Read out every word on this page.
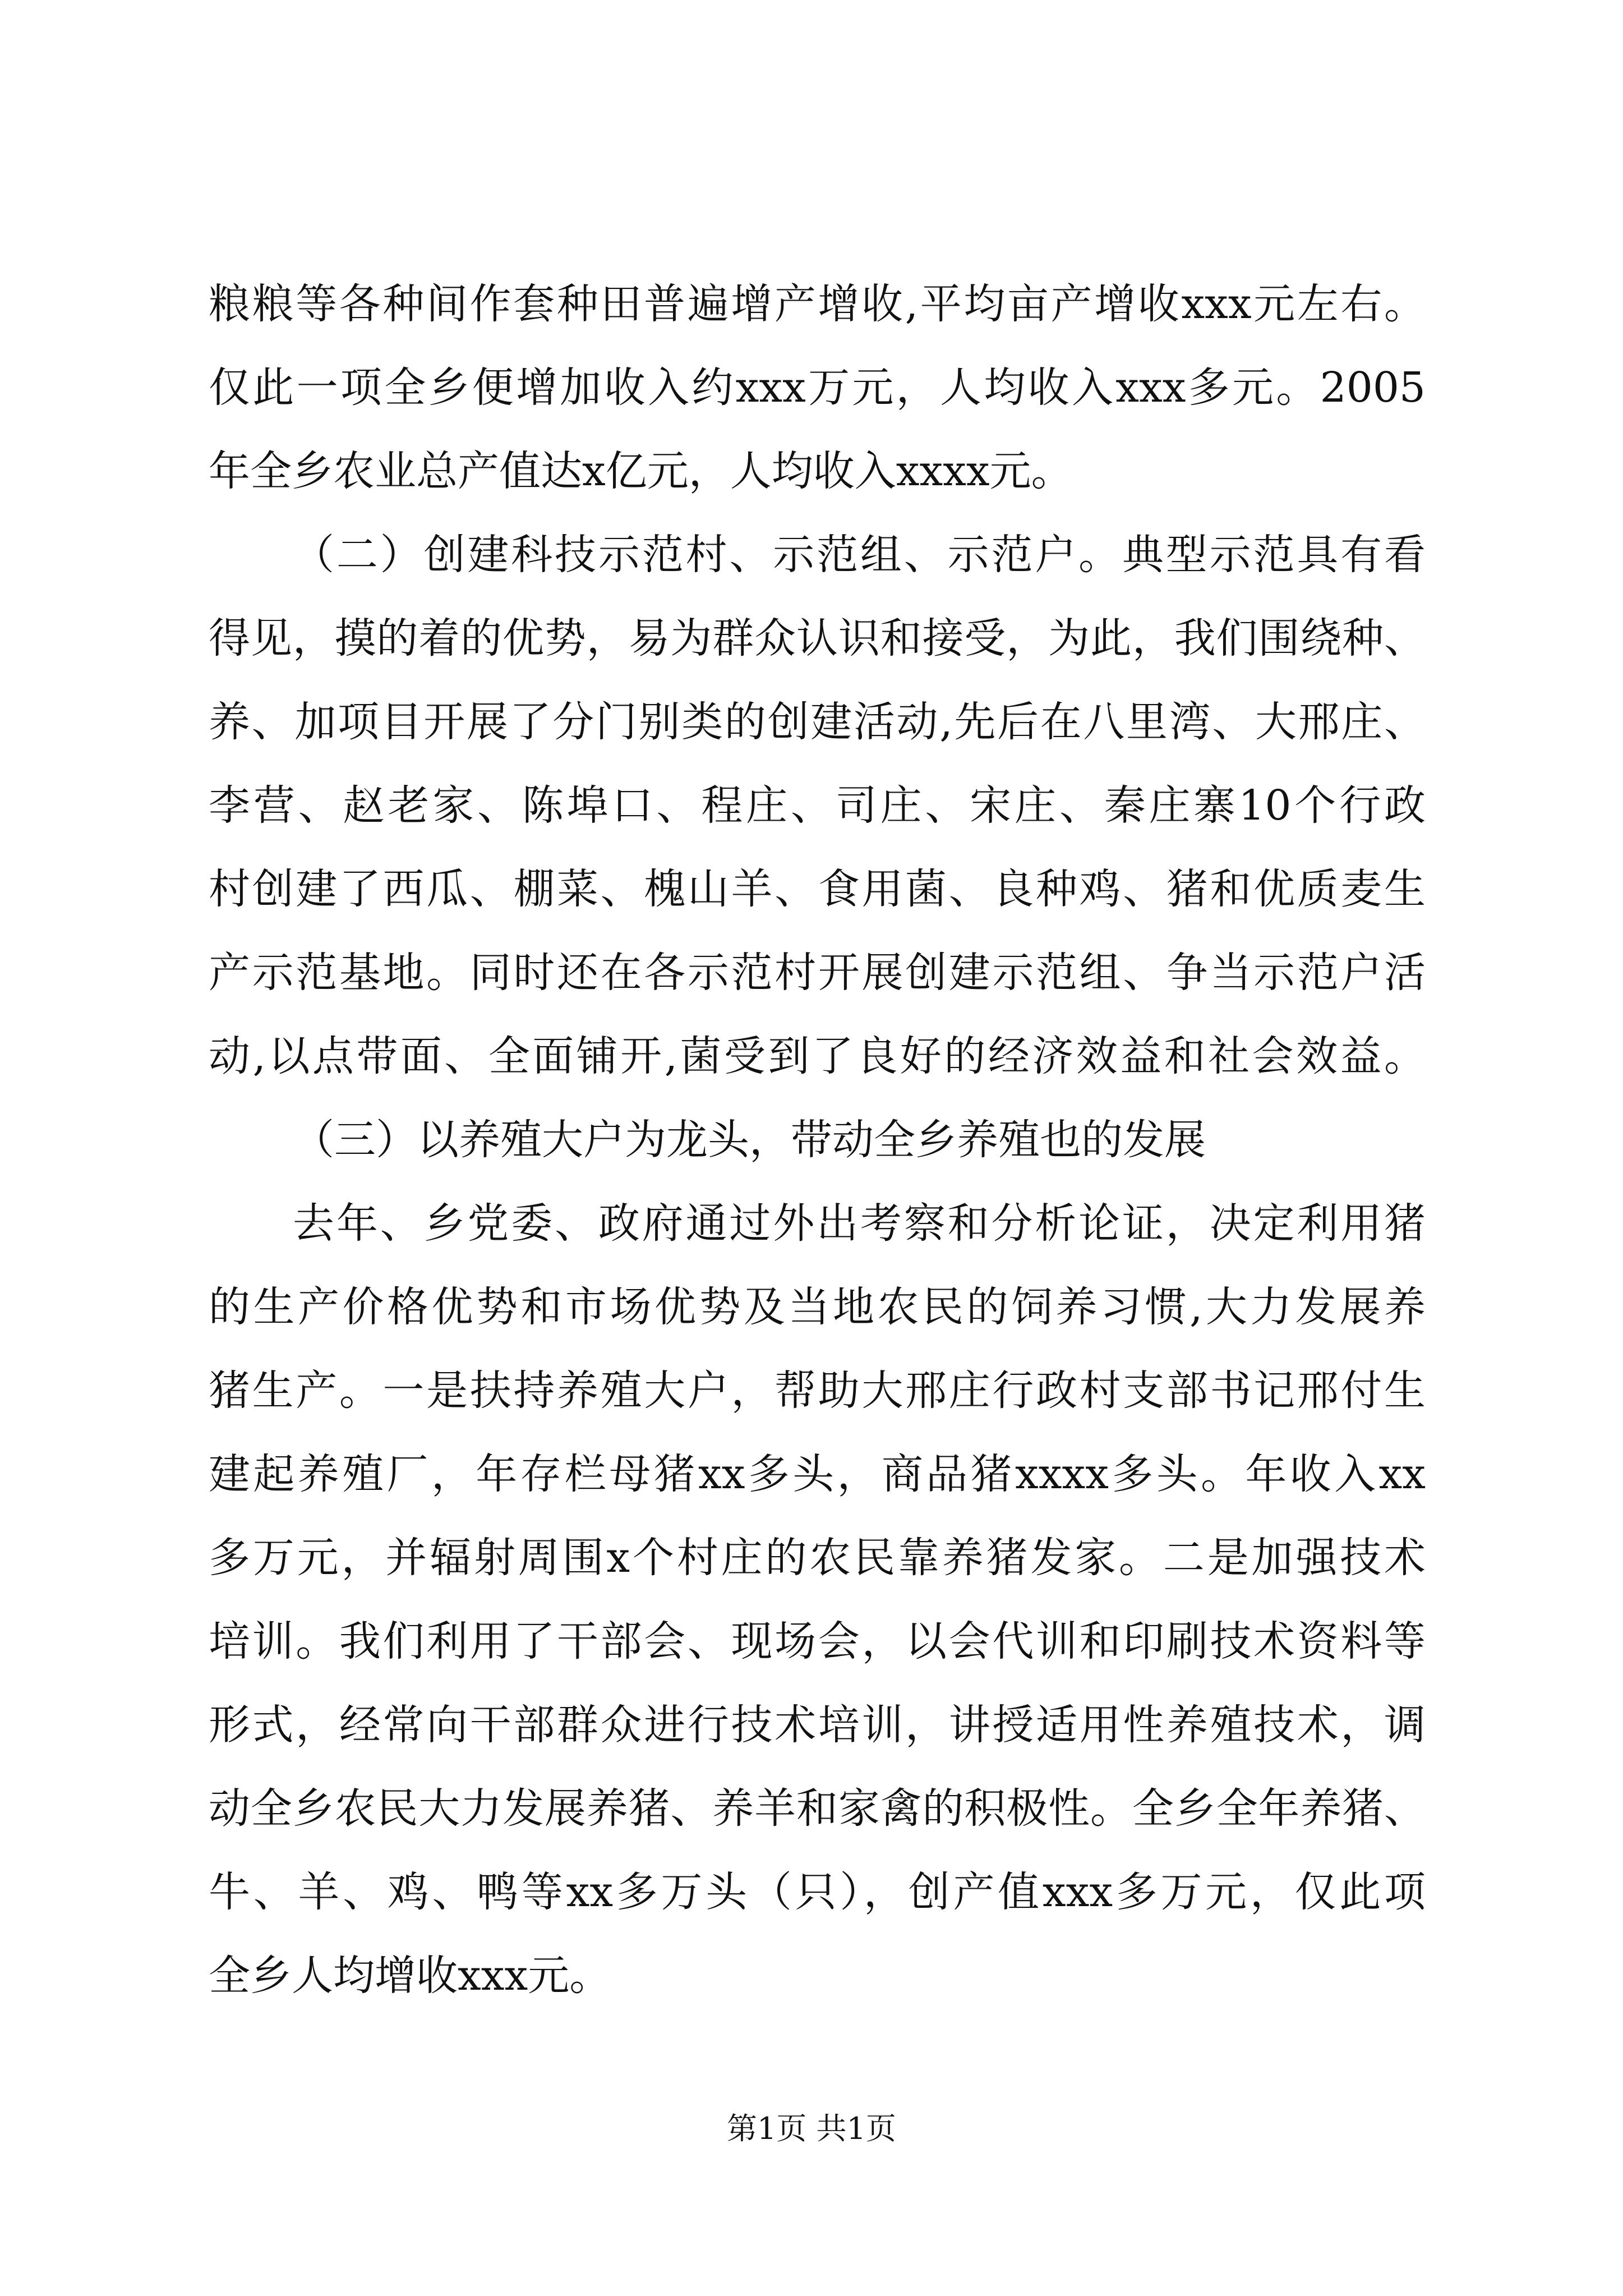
粮粮等各种间作套种田普遍增产增收,平均亩产增收xxx元左右。
仅此一项全乡便增加收入约xxx万元，人均收入xxx多元。2005
年全乡农业总产值达x亿元，人均收入xxxx元。
（二）创建科技示范村、示范组、示范户。典型示范具有看
得见，摸的着的优势，易为群众认识和接受，为此，我们围绕种、
养、加项目开展了分门别类的创建活动,先后在八里湾、大邢庄、
李营、赵老家、陈埠口、程庄、司庄、宋庄、秦庄寨10个行政
村创建了西瓜、棚菜、槐山羊、食用菌、良种鸡、猪和优质麦生
产示范基地。同时还在各示范村开展创建示范组、争当示范户活
动,以点带面、全面铺开,菌受到了良好的经济效益和社会效益。
（三）以养殖大户为龙头，带动全乡养殖也的发展
去年、乡党委、政府通过外出考察和分析论证，决定利用猪
的生产价格优势和市场优势及当地农民的饲养习惯,大力发展养
猪生产。一是扶持养殖大户，帮助大邢庄行政村支部书记邢付生
建起养殖厂，年存栏母猪xx多头，商品猪xxxx多头。年收入xx
多万元，并辐射周围x个村庄的农民靠养猪发家。二是加强技术
培训。我们利用了干部会、现场会，以会代训和印刷技术资料等
形式，经常向干部群众进行技术培训，讲授适用性养殖技术，调
动全乡农民大力发展养猪、养羊和家禽的积极性。全乡全年养猪、
牛、羊、鸡、鸭等xx多万头（只），创产值xxx多万元，仅此项
全乡人均增收xxx元。
第1页 共1页
